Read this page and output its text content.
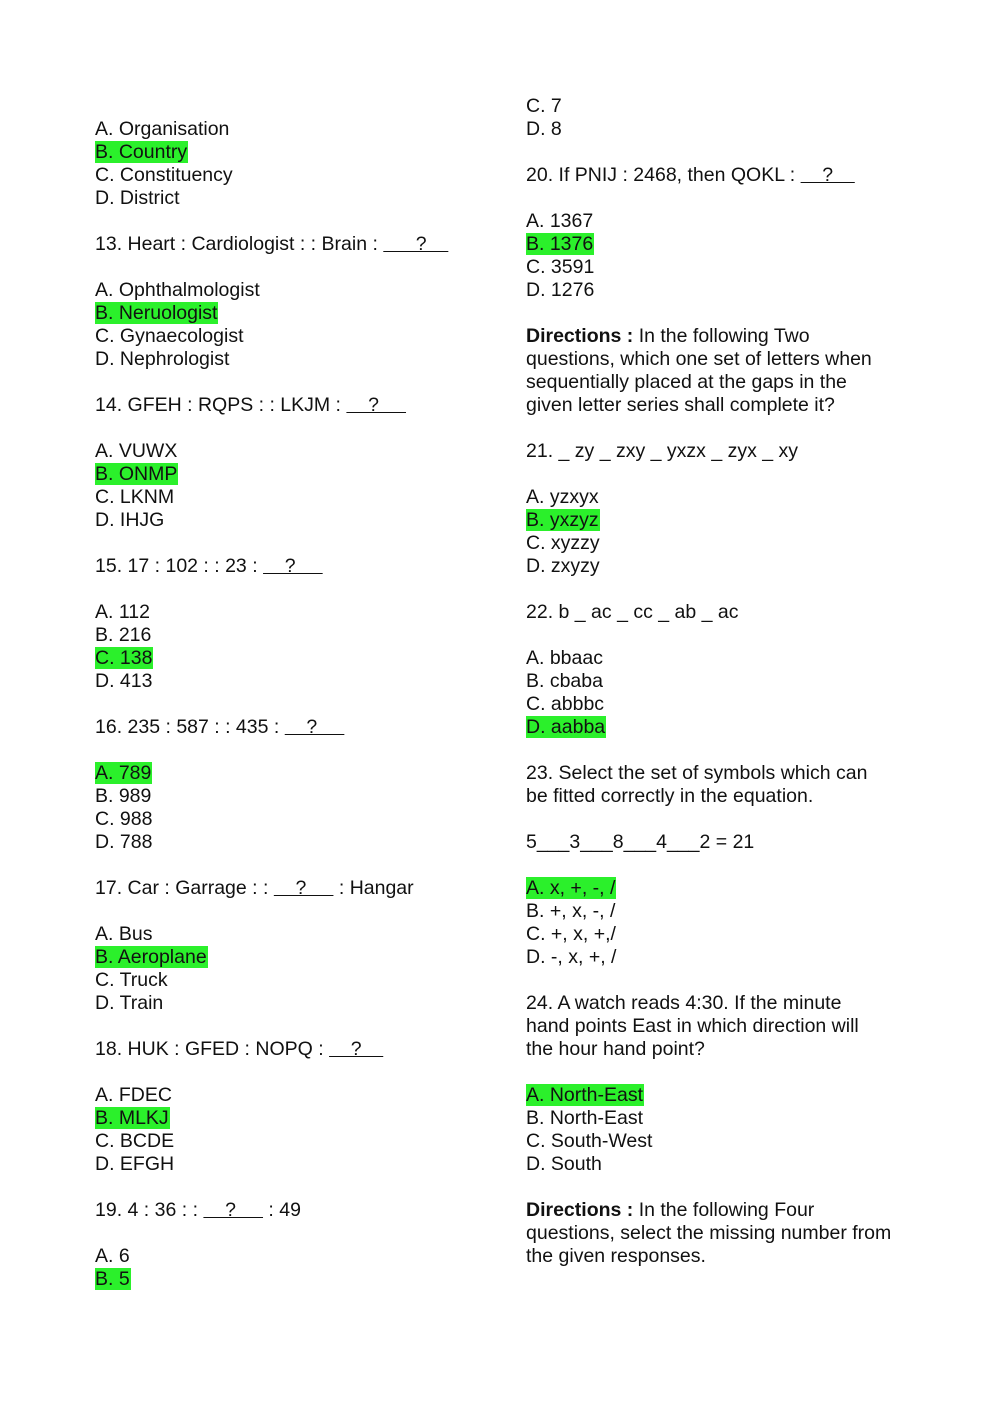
A. Organisation
B. Country
C. Constituency
D. District
13. Heart : Cardiologist : : Brain :       ?
A. Ophthalmologist
B. Neruologist
C. Gynaecologist
D. Nephrologist
14. GFEH : RQPS : : LKJM :     ?
A. VUWX
B. ONMP
C. LKNM
D. IHJG
15. 17 : 102 : : 23 :     ?
A. 112
B. 216
C. 138
D. 413
16. 235 : 587 : : 435 :     ?
A. 789
B. 989
C. 988
D. 788
17. Car : Garrage : :     ?      : Hangar
A. Bus
B. Aeroplane
C. Truck
D. Train
18. HUK : GFED : NOPQ :     ?
A. FDEC
B. MLKJ
C. BCDE
D. EFGH
19. 4 : 36 : :     ?      : 49
A. 6
B. 5
C. 7
D. 8
20. If PNIJ : 2468, then QOKL :     ?
A. 1367
B. 1376
C. 3591
D. 1276
Directions : In the following Two questions, which one set of letters when sequentially placed at the gaps in the given letter series shall complete it?
21. _ zy _ zxy _ yxzx _ zyx _ xy
A. yzxyx
B. yxzyz
C. xyzzy
D. zxyzy
22. b _ ac _ cc _ ab _ ac
A. bbaac
B. cbaba
C. abbbc
D. aabba
23. Select the set of symbols which can
be fitted correctly in the equation.
5___3___8___4___2 = 21
A. x, +, -, /
B. +, x, -, /
C. +, x, +,/
D. -, x, +, /
24. A watch reads 4:30. If the minute
hand points East in which direction will
the hour hand point?
A. North-East
B. North-East
C. South-West
D. South
Directions : In the following Four questions, select the missing number from the given responses.
